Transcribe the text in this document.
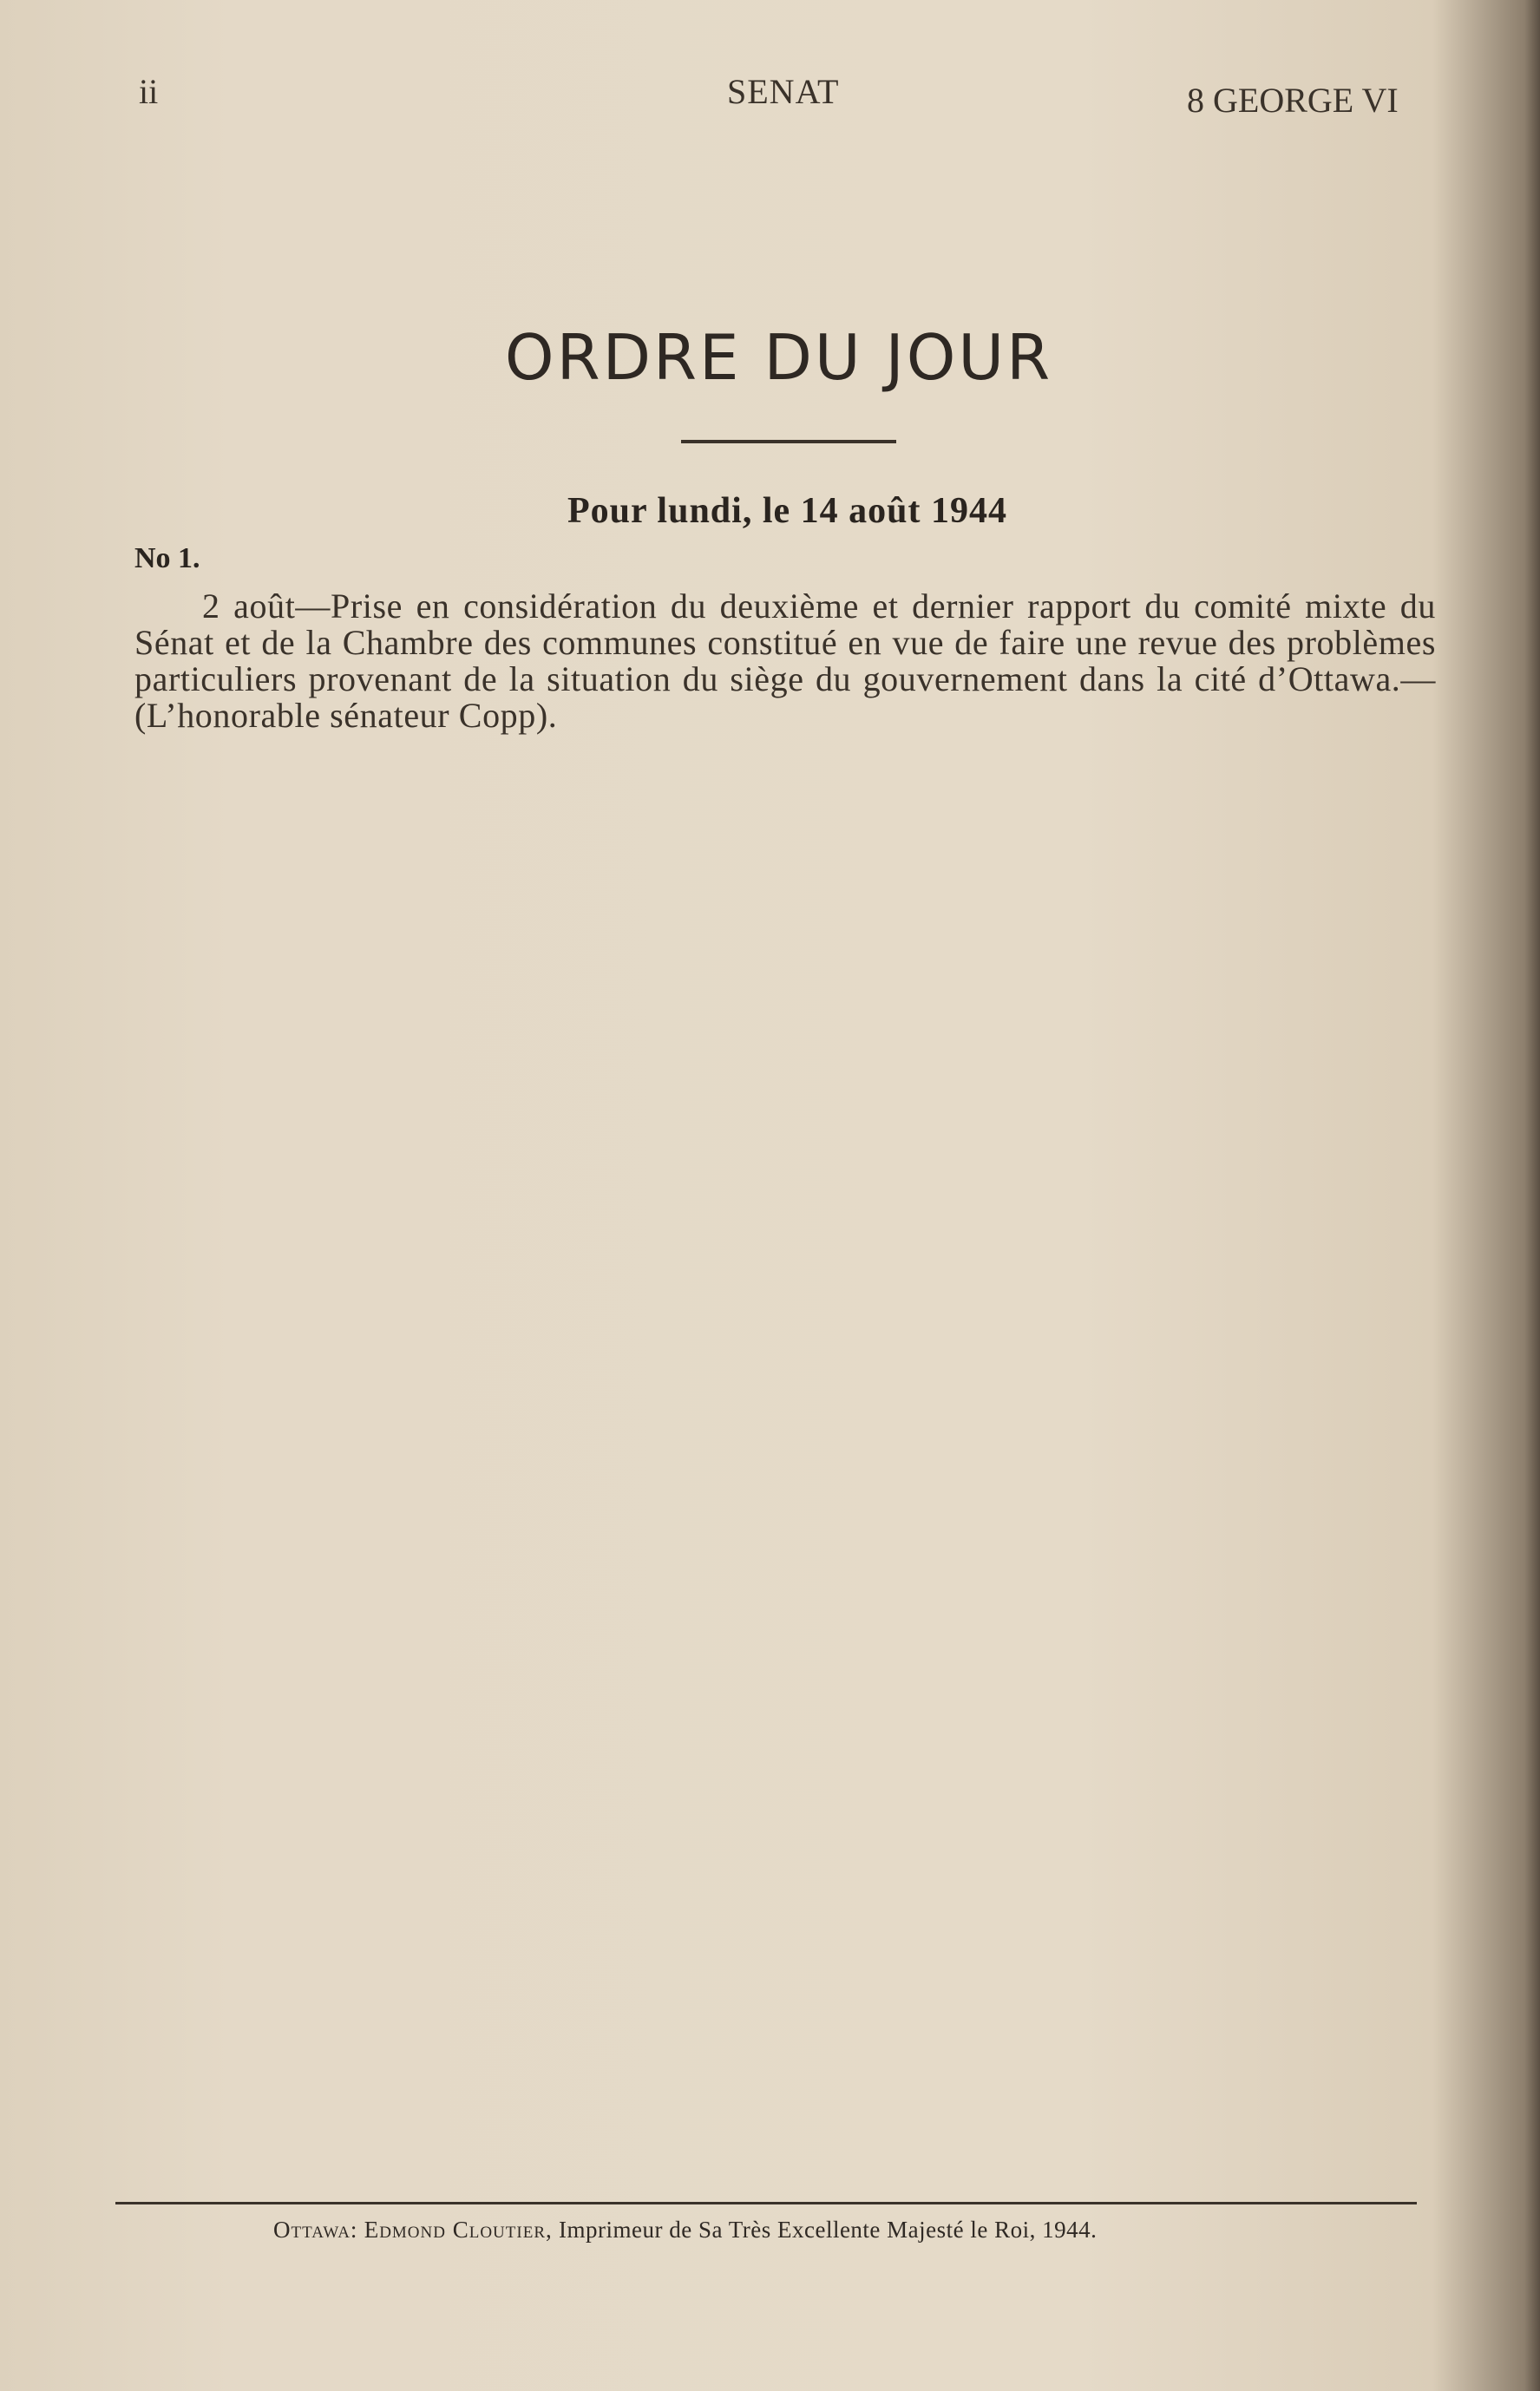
ii	SENAT	8 GEORGE VI
ORDRE DU JOUR
Pour lundi, le 14 août 1944
No 1.
2 août—Prise en considération du deuxième et dernier rapport du comité mixte du Sénat et de la Chambre des communes constitué en vue de faire une revue des problèmes particuliers provenant de la situation du siège du gouvernement dans la cité d’Ottawa.—(L’honorable sénateur Copp).
Ottawa: Edmond Cloutier, Imprimeur de Sa Très Excellente Majesté le Roi, 1944.
